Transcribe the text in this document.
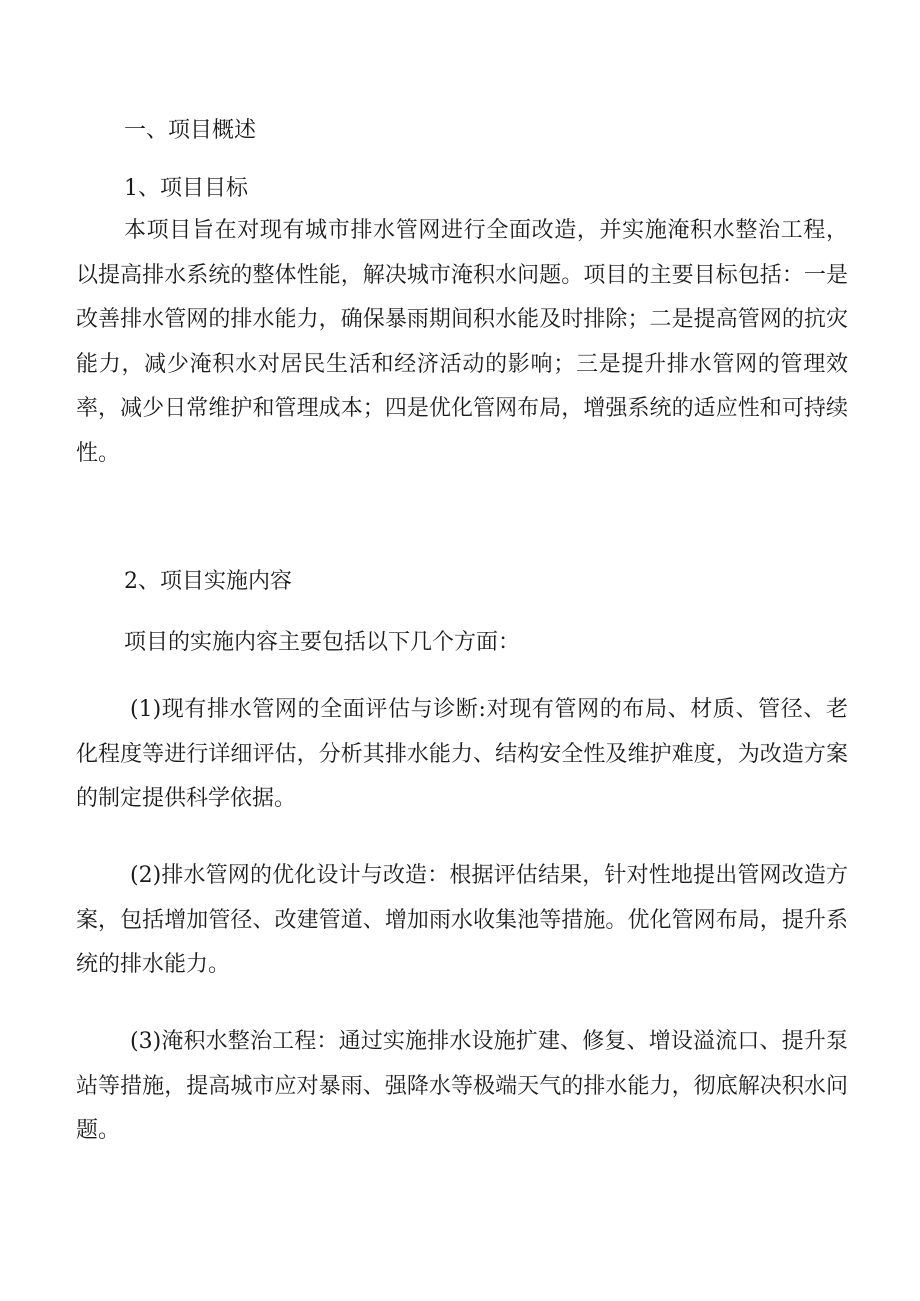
一、项目概述
1、项目目标
本项目旨在对现有城市排水管网进行全面改造，并实施淹积水整治工程，以提高排水系统的整体性能，解决城市淹积水问题。项目的主要目标包括：一是改善排水管网的排水能力，确保暴雨期间积水能及时排除；二是提高管网的抗灾能力，减少淹积水对居民生活和经济活动的影响；三是提升排水管网的管理效率，减少日常维护和管理成本；四是优化管网布局，增强系统的适应性和可持续性。
2、项目实施内容
项目的实施内容主要包括以下几个方面：
(1)现有排水管网的全面评估与诊断:对现有管网的布局、材质、管径、老化程度等进行详细评估，分析其排水能力、结构安全性及维护难度，为改造方案的制定提供科学依据。
(2)排水管网的优化设计与改造：根据评估结果，针对性地提出管网改造方案，包括增加管径、改建管道、增加雨水收集池等措施。优化管网布局，提升系统的排水能力。
(3)淹积水整治工程：通过实施排水设施扩建、修复、增设溢流口、提升泵站等措施，提高城市应对暴雨、强降水等极端天气的排水能力，彻底解决积水问题。
